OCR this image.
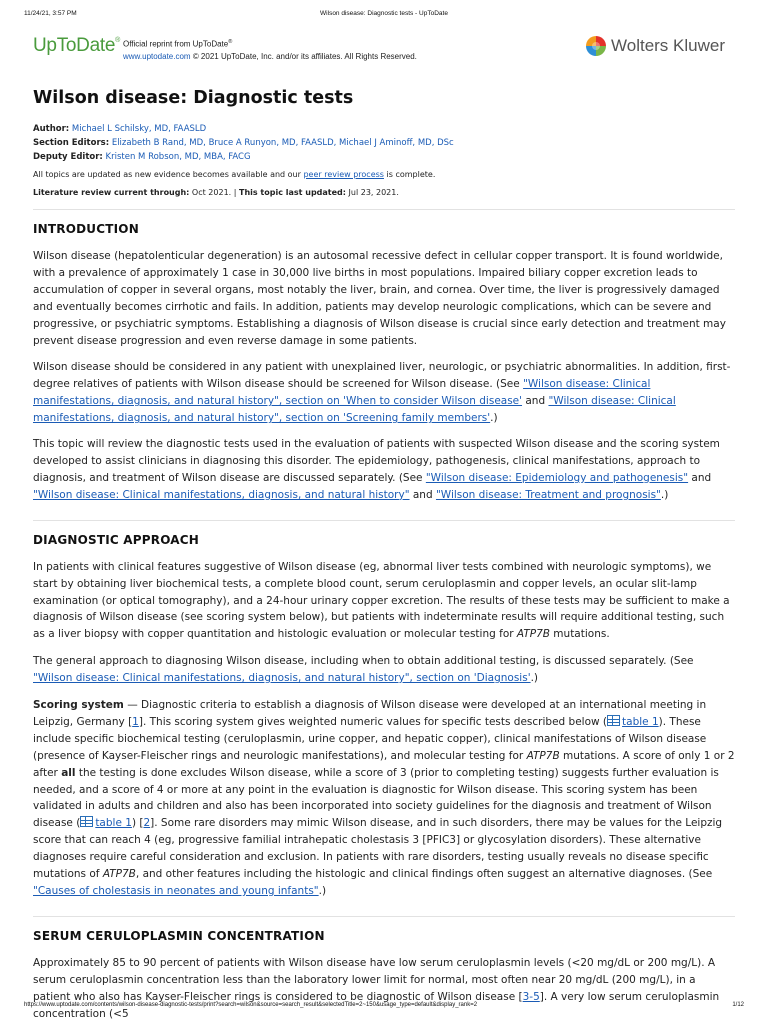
11/24/21, 3:57 PM	Wilson disease: Diagnostic tests - UpToDate
UpToDate® Official reprint from UpToDate®
www.uptodate.com © 2021 UpToDate, Inc. and/or its affiliates. All Rights Reserved.
Wolters Kluwer
Wilson disease: Diagnostic tests
Author: Michael L Schilsky, MD, FAASLD
Section Editors: Elizabeth B Rand, MD, Bruce A Runyon, MD, FAASLD, Michael J Aminoff, MD, DSc
Deputy Editor: Kristen M Robson, MD, MBA, FACG
All topics are updated as new evidence becomes available and our peer review process is complete.
Literature review current through: Oct 2021. | This topic last updated: Jul 23, 2021.
INTRODUCTION

Wilson disease (hepatolenticular degeneration) is an autosomal recessive defect in cellular copper transport. It is found worldwide, with a prevalence of approximately 1 case in 30,000 live births in most populations. Impaired biliary copper excretion leads to accumulation of copper in several organs, most notably the liver, brain, and cornea. Over time, the liver is progressively damaged and eventually becomes cirrhotic and fails. In addition, patients may develop neurologic complications, which can be severe and progressive, or psychiatric symptoms. Establishing a diagnosis of Wilson disease is crucial since early detection and treatment may prevent disease progression and even reverse damage in some patients.

Wilson disease should be considered in any patient with unexplained liver, neurologic, or psychiatric abnormalities. In addition, first-degree relatives of patients with Wilson disease should be screened for Wilson disease. (See "Wilson disease: Clinical manifestations, diagnosis, and natural history", section on 'When to consider Wilson disease' and "Wilson disease: Clinical manifestations, diagnosis, and natural history", section on 'Screening family members'.)

This topic will review the diagnostic tests used in the evaluation of patients with suspected Wilson disease and the scoring system developed to assist clinicians in diagnosing this disorder. The epidemiology, pathogenesis, clinical manifestations, approach to diagnosis, and treatment of Wilson disease are discussed separately. (See "Wilson disease: Epidemiology and pathogenesis" and "Wilson disease: Clinical manifestations, diagnosis, and natural history" and "Wilson disease: Treatment and prognosis".)

DIAGNOSTIC APPROACH

In patients with clinical features suggestive of Wilson disease (eg, abnormal liver tests combined with neurologic symptoms), we start by obtaining liver biochemical tests, a complete blood count, serum ceruloplasmin and copper levels, an ocular slit-lamp examination (or optical tomography), and a 24-hour urinary copper excretion. The results of these tests may be sufficient to make a diagnosis of Wilson disease (see scoring system below), but patients with indeterminate results will require additional testing, such as a liver biopsy with copper quantitation and histologic evaluation or molecular testing for ATP7B mutations.

The general approach to diagnosing Wilson disease, including when to obtain additional testing, is discussed separately. (See "Wilson disease: Clinical manifestations, diagnosis, and natural history", section on 'Diagnosis'.)

Scoring system — Diagnostic criteria to establish a diagnosis of Wilson disease were developed at an international meeting in Leipzig, Germany [1]. This scoring system gives weighted numeric values for specific tests described below ( table 1). These include specific biochemical testing (ceruloplasmin, urine copper, and hepatic copper), clinical manifestations of Wilson disease (presence of Kayser-Fleischer rings and neurologic manifestations), and molecular testing for ATP7B mutations. A score of only 1 or 2 after all the testing is done excludes Wilson disease, while a score of 3 (prior to completing testing) suggests further evaluation is needed, and a score of 4 or more at any point in the evaluation is diagnostic for Wilson disease. This scoring system has been validated in adults and children and also has been incorporated into society guidelines for the diagnosis and treatment of Wilson disease ( table 1) [2]. Some rare disorders may mimic Wilson disease, and in such disorders, there may be values for the Leipzig score that can reach 4 (eg, progressive familial intrahepatic cholestasis 3 [PFIC3] or glycosylation disorders). These alternative diagnoses require careful consideration and exclusion. In patients with rare disorders, testing usually reveals no disease specific mutations of ATP7B, and other features including the histologic and clinical findings often suggest an alternative diagnoses. (See "Causes of cholestasis in neonates and young infants".)

SERUM CERULOPLASMIN CONCENTRATION

Approximately 85 to 90 percent of patients with Wilson disease have low serum ceruloplasmin levels (<20 mg/dL or 200 mg/L). A serum ceruloplasmin concentration less than the laboratory lower limit for normal, most often near 20 mg/dL (200 mg/L), in a patient who also has Kayser-Fleischer rings is considered to be diagnostic of Wilson disease [3-5]. A very low serum ceruloplasmin concentration (<5

https://www.uptodate.com/contents/wilson-disease-diagnostic-tests/print?search=wilson&source=search_result&selectedTitle=2~150&usage_type=default&display_rank=2	1/12
